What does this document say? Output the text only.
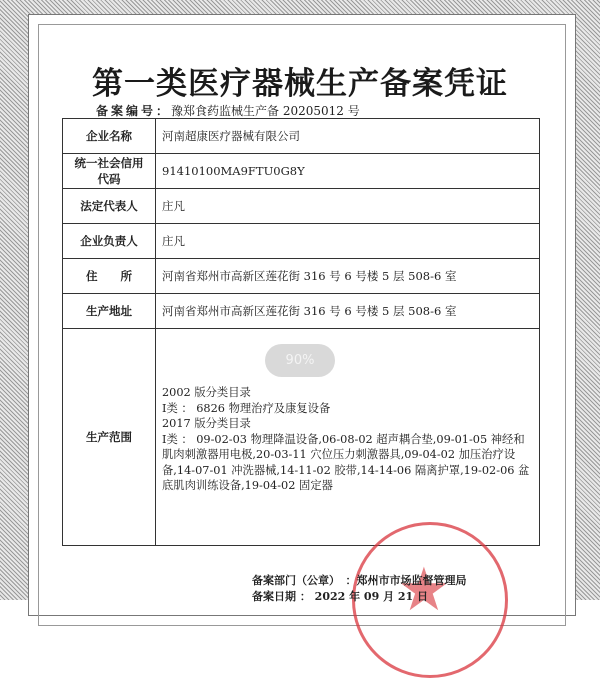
第一类医疗器械生产备案凭证
备案编号：豫郑食药监械生产备 20205012 号
企业名称	河南超康医疗器械有限公司
统一社会信用代码	91410100MA9FTU0G8Y
法定代表人	庄凡
企业负责人	庄凡
住　　所	河南省郑州市高新区莲花街 316 号 6 号楼 5 层 508-6 室
生产地址	河南省郑州市高新区莲花街 316 号 6 号楼 5 层 508-6 室
生产范围	2002 版分类目录
Ⅰ类 ： 6826 物理治疗及康复设备
2017 版分类目录
Ⅰ类 ： 09-02-03 物理降温设备,06-08-02 超声耦合垫,09-01-05 神经和肌肉刺激器用电极,20-03-11 穴位压力刺激器具,09-04-02 加压治疗设备,14-07-01 冲洗器械,14-11-02 胶带,14-14-06 隔离护罩,19-02-06 盆底肌肉训练设备,19-04-02 固定器
90%
★
备案部门（公章）　：郑州市市场监督管理局
备案日期 ： 2022 年 09 月 21 日
